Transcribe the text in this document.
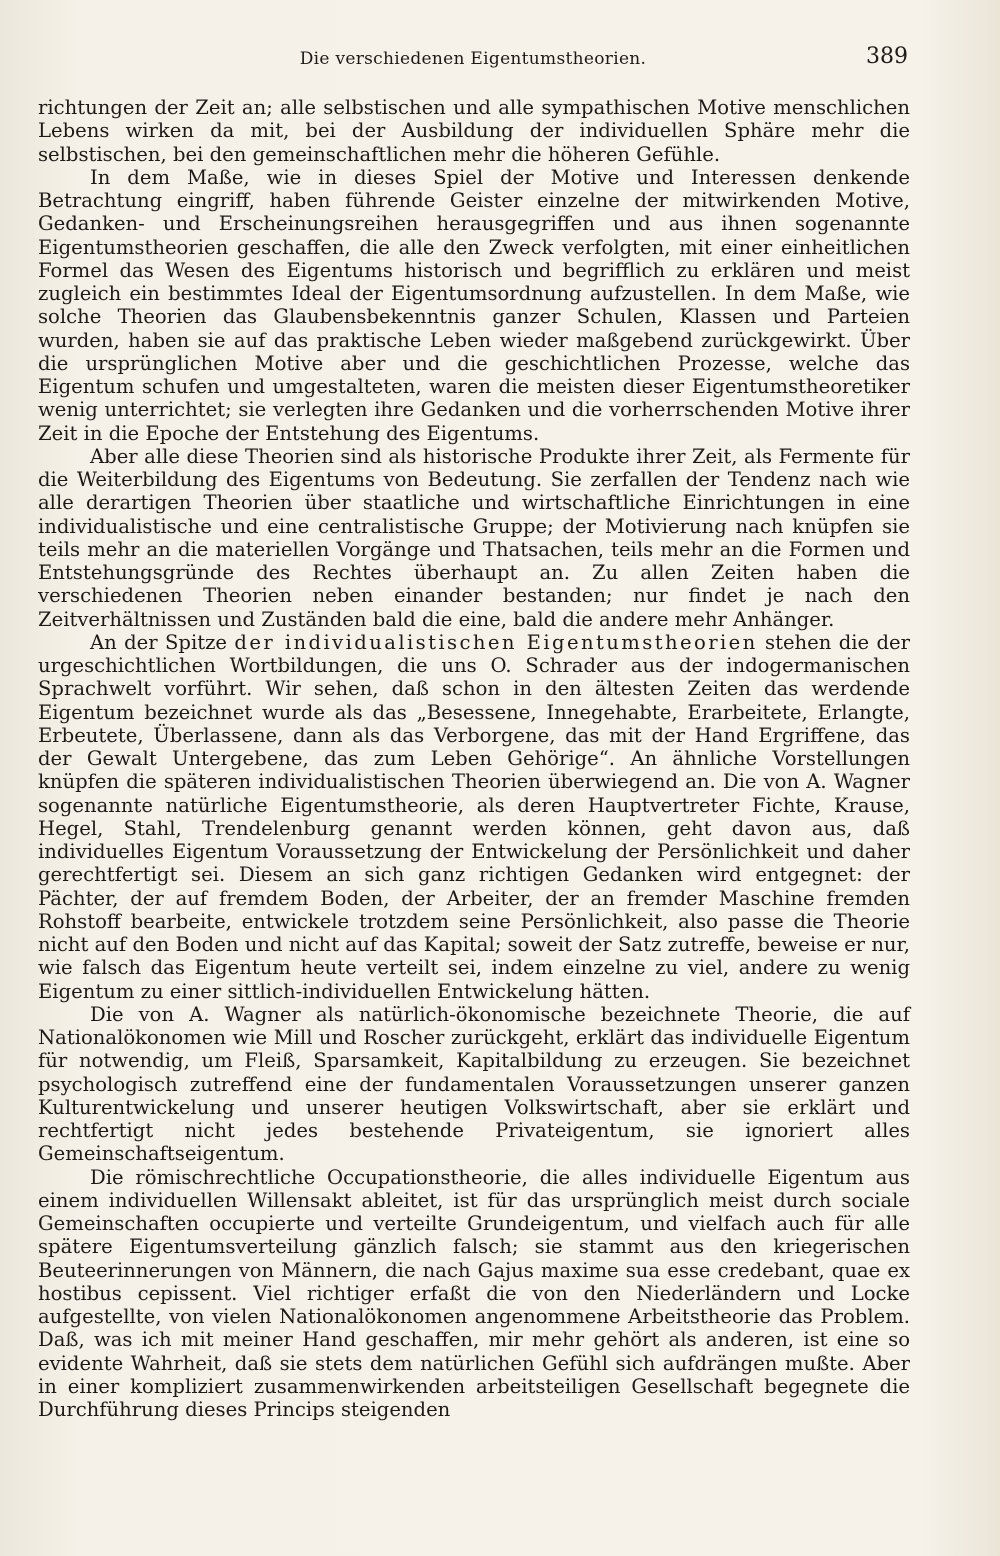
Die verschiedenen Eigentumstheorien.	389

richtungen der Zeit an; alle selbstischen und alle sympathischen Motive menschlichen Lebens wirken da mit, bei der Ausbildung der individuellen Sphäre mehr die selbstischen, bei den gemeinschaftlichen mehr die höheren Gefühle.

In dem Maße, wie in dieses Spiel der Motive und Interessen denkende Betrachtung eingriff, haben führende Geister einzelne der mitwirkenden Motive, Gedanken- und Erscheinungsreihen herausgegriffen und aus ihnen sogenannte Eigentumstheorien geschaffen, die alle den Zweck verfolgten, mit einer einheitlichen Formel das Wesen des Eigentums historisch und begrifflich zu erklären und meist zugleich ein bestimmtes Ideal der Eigentumsordnung aufzustellen. In dem Maße, wie solche Theorien das Glaubensbekenntnis ganzer Schulen, Klassen und Parteien wurden, haben sie auf das praktische Leben wieder maßgebend zurückgewirkt. Über die ursprünglichen Motive aber und die geschichtlichen Prozesse, welche das Eigentum schufen und umgestalteten, waren die meisten dieser Eigentumstheoretiker wenig unterrichtet; sie verlegten ihre Gedanken und die vorherrschenden Motive ihrer Zeit in die Epoche der Entstehung des Eigentums.

Aber alle diese Theorien sind als historische Produkte ihrer Zeit, als Fermente für die Weiterbildung des Eigentums von Bedeutung. Sie zerfallen der Tendenz nach wie alle derartigen Theorien über staatliche und wirtschaftliche Einrichtungen in eine individualistische und eine centralistische Gruppe; der Motivierung nach knüpfen sie teils mehr an die materiellen Vorgänge und Thatsachen, teils mehr an die Formen und Entstehungsgründe des Rechtes überhaupt an. Zu allen Zeiten haben die verschiedenen Theorien neben einander bestanden; nur findet je nach den Zeitverhältnissen und Zuständen bald die eine, bald die andere mehr Anhänger.

An der Spitze der individualistischen Eigentumstheorien stehen die der urgeschichtlichen Wortbildungen, die uns O. Schrader aus der indogermanischen Sprachwelt vorführt. Wir sehen, daß schon in den ältesten Zeiten das werdende Eigentum bezeichnet wurde als das „Besessene, Innegehabte, Erarbeitete, Erlangte, Erbeutete, Überlassene, dann als das Verborgene, das mit der Hand Ergriffene, das der Gewalt Untergebene, das zum Leben Gehörige“. An ähnliche Vorstellungen knüpfen die späteren individualistischen Theorien überwiegend an. Die von A. Wagner sogenannte natürliche Eigentumstheorie, als deren Hauptvertreter Fichte, Krause, Hegel, Stahl, Trendelenburg genannt werden können, geht davon aus, daß individuelles Eigentum Voraussetzung der Entwickelung der Persönlichkeit und daher gerechtfertigt sei. Diesem an sich ganz richtigen Gedanken wird entgegnet: der Pächter, der auf fremdem Boden, der Arbeiter, der an fremder Maschine fremden Rohstoff bearbeite, entwickele trotzdem seine Persönlichkeit, also passe die Theorie nicht auf den Boden und nicht auf das Kapital; soweit der Satz zutreffe, beweise er nur, wie falsch das Eigentum heute verteilt sei, indem einzelne zu viel, andere zu wenig Eigentum zu einer sittlich-individuellen Entwickelung hätten.

Die von A. Wagner als natürlich-ökonomische bezeichnete Theorie, die auf Nationalökonomen wie Mill und Roscher zurückgeht, erklärt das individuelle Eigentum für notwendig, um Fleiß, Sparsamkeit, Kapitalbildung zu erzeugen. Sie bezeichnet psychologisch zutreffend eine der fundamentalen Voraussetzungen unserer ganzen Kulturentwickelung und unserer heutigen Volkswirtschaft, aber sie erklärt und rechtfertigt nicht jedes bestehende Privateigentum, sie ignoriert alles Gemeinschaftseigentum.

Die römischrechtliche Occupationstheorie, die alles individuelle Eigentum aus einem individuellen Willensakt ableitet, ist für das ursprünglich meist durch sociale Gemeinschaften occupierte und verteilte Grundeigentum, und vielfach auch für alle spätere Eigentumsverteilung gänzlich falsch; sie stammt aus den kriegerischen Beuteerinnerungen von Männern, die nach Gajus maxime sua esse credebant, quae ex hostibus cepissent. Viel richtiger erfaßt die von den Niederländern und Locke aufgestellte, von vielen Nationalökonomen angenommene Arbeitstheorie das Problem. Daß, was ich mit meiner Hand geschaffen, mir mehr gehört als anderen, ist eine so evidente Wahrheit, daß sie stets dem natürlichen Gefühl sich aufdrängen mußte. Aber in einer kompliziert zusammenwirkenden arbeitsteiligen Gesellschaft begegnete die Durchführung dieses Princips steigenden
